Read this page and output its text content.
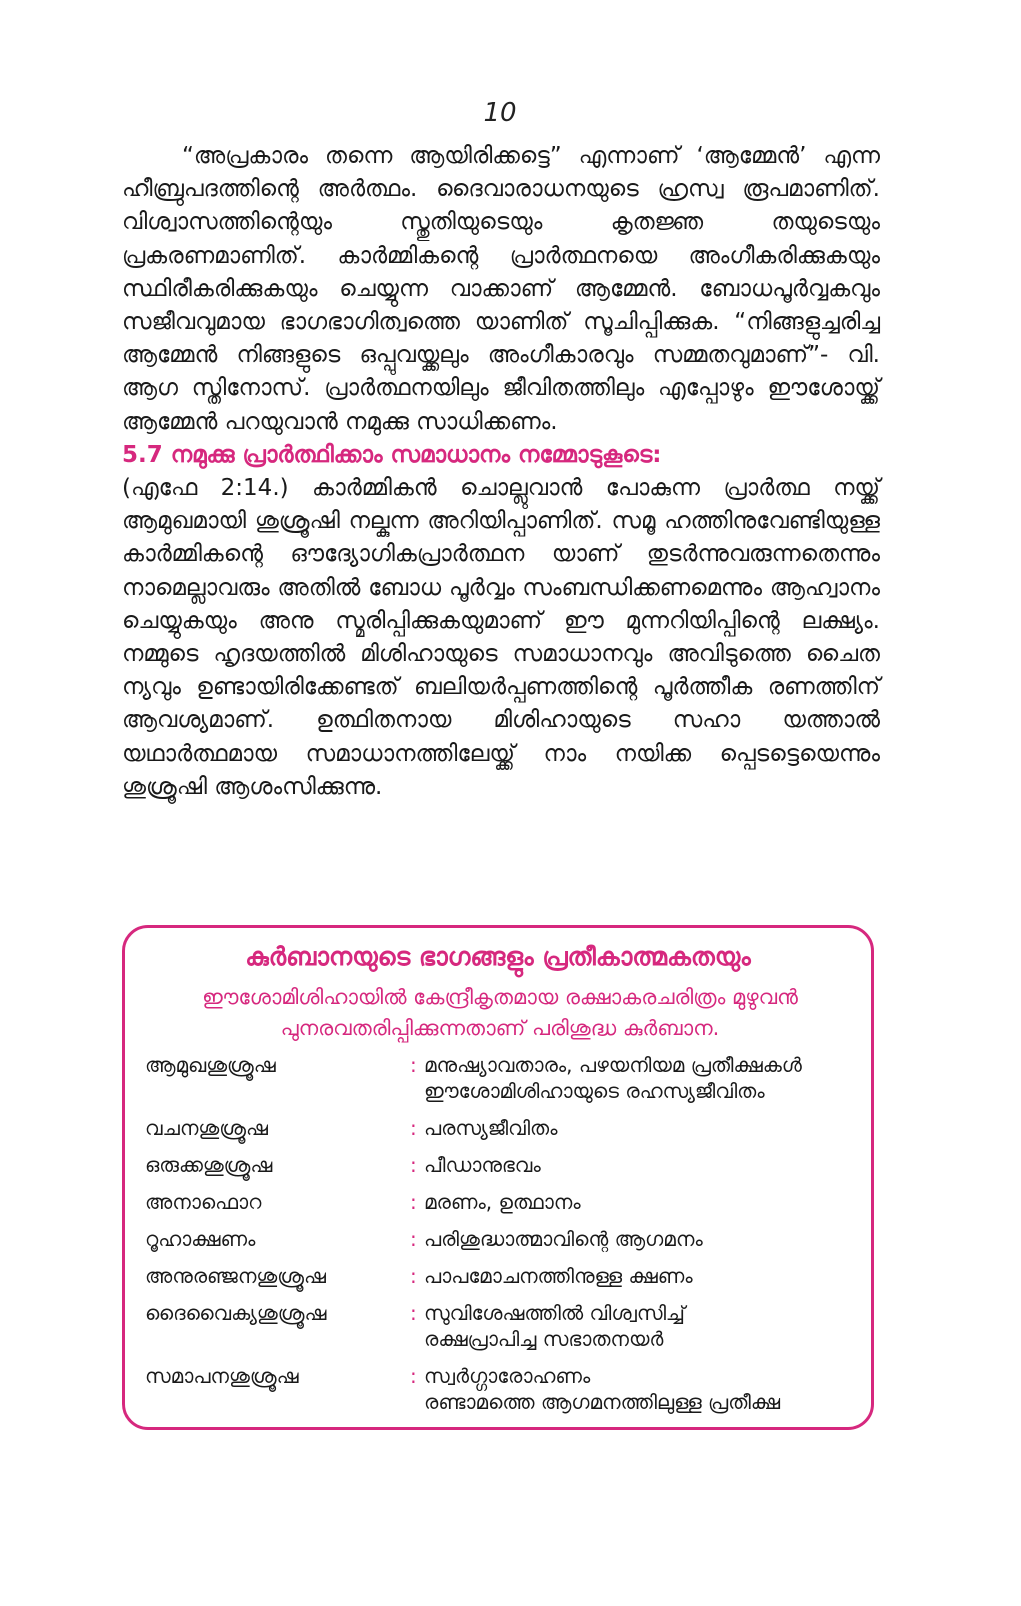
10

“അപ്രകാരം തന്നെ ആയിരിക്കട്ടെ” എന്നാണ് ‘ആമ്മേൻ’ എന്ന ഹീബ്രുപദത്തിന്റെ അർത്ഥം. ദൈവാരാധനയുടെ ഹ്രസ്വ രൂപമാണിത്. വിശ്വാസത്തിന്റെയും സ്തുതിയുടെയും കൃതജ്ഞ തയുടെയും പ്രകരണമാണിത്. കാർമ്മികന്റെ പ്രാർത്ഥനയെ അംഗീകരിക്കുകയും സ്ഥിരീകരിക്കുകയും ചെയ്യുന്ന വാക്കാണ് ആമ്മേൻ. ബോധപൂർവ്വകവും സജീവവുമായ ഭാഗഭാഗിത്വത്തെ യാണിത് സൂചിപ്പിക്കുക. “നിങ്ങളുച്ചരിച്ച ആമ്മേൻ നിങ്ങളുടെ ഒപ്പുവയ്ക്കലും അംഗീകാരവും സമ്മതവുമാണ്”- വി. ആഗ സ്തിനോസ്. പ്രാർത്ഥനയിലും ജീവിതത്തിലും എപ്പോഴും ഈശോയ്ക്ക് ആമ്മേൻ പറയുവാൻ നമുക്കു സാധിക്കണം.

5.7 നമുക്കു പ്രാർത്ഥിക്കാം സമാധാനം നമ്മോടുകൂടെ:

(എഫേ 2:14.) കാർമ്മികൻ ചൊല്ലുവാൻ പോകുന്ന പ്രാർത്ഥ നയ്ക്ക് ആമുഖമായി ശുശ്രൂഷി നല്കുന്ന അറിയിപ്പാണിത്. സമൂ ഹത്തിനുവേണ്ടിയുള്ള കാർമ്മികന്റെ ഔദ്യോഗികപ്രാർത്ഥന യാണ് തുടർന്നുവരുന്നതെന്നും നാമെല്ലാവരും അതിൽ ബോധ പൂർവ്വം സംബന്ധിക്കണമെന്നും ആഹ്വാനം ചെയ്യുകയും അനു സ്മരിപ്പിക്കുകയുമാണ് ഈ മുന്നറിയിപ്പിന്റെ ലക്ഷ്യം. നമ്മുടെ ഹൃദയത്തിൽ മിശിഹായുടെ സമാധാനവും അവിടുത്തെ ചൈത ന്യവും ഉണ്ടായിരിക്കേണ്ടത് ബലിയർപ്പണത്തിന്റെ പൂർത്തീക രണത്തിന് ആവശ്യമാണ്. ഉത്ഥിതനായ മിശിഹായുടെ സഹാ യത്താൽ യഥാർത്ഥമായ സമാധാനത്തിലേയ്ക്ക് നാം നയിക്ക പ്പെടട്ടെയെന്നും ശുശ്രൂഷി ആശംസിക്കുന്നു.

കുർബാനയുടെ ഭാഗങ്ങളും പ്രതീകാത്മകതയും
ഈശോമിശിഹായിൽ കേന്ദ്രീകൃതമായ രക്ഷാകരചരിത്രം മുഴുവൻ പുനരവതരിപ്പിക്കുന്നതാണ് പരിശുദ്ധ കുർബാന.
ആമുഖശുശ്രൂഷ	: മനുഷ്യാവതാരം, പഴയനിയമ പ്രതീക്ഷകൾ
ഈശോമിശിഹായുടെ രഹസ്യജീവിതം
വചനശുശ്രൂഷ	: പരസ്യജീവിതം
ഒരുക്കശുശ്രൂഷ	: പീഡാനുഭവം
അനാഫൊറ	: മരണം, ഉത്ഥാനം
റൂഹാക്ഷണം	: പരിശുദ്ധാത്മാവിന്റെ ആഗമനം
അനുരഞ്ജനശുശ്രൂഷ	: പാപമോചനത്തിനുള്ള ക്ഷണം
ദൈവൈക്യശുശ്രൂഷ	: സുവിശേഷത്തിൽ വിശ്വസിച്ച്
രക്ഷപ്രാപിച്ച സഭാതനയർ
സമാപനശുശ്രൂഷ	: സ്വർഗ്ഗാരോഹണം
രണ്ടാമത്തെ ആഗമനത്തിലുള്ള പ്രതീക്ഷ
